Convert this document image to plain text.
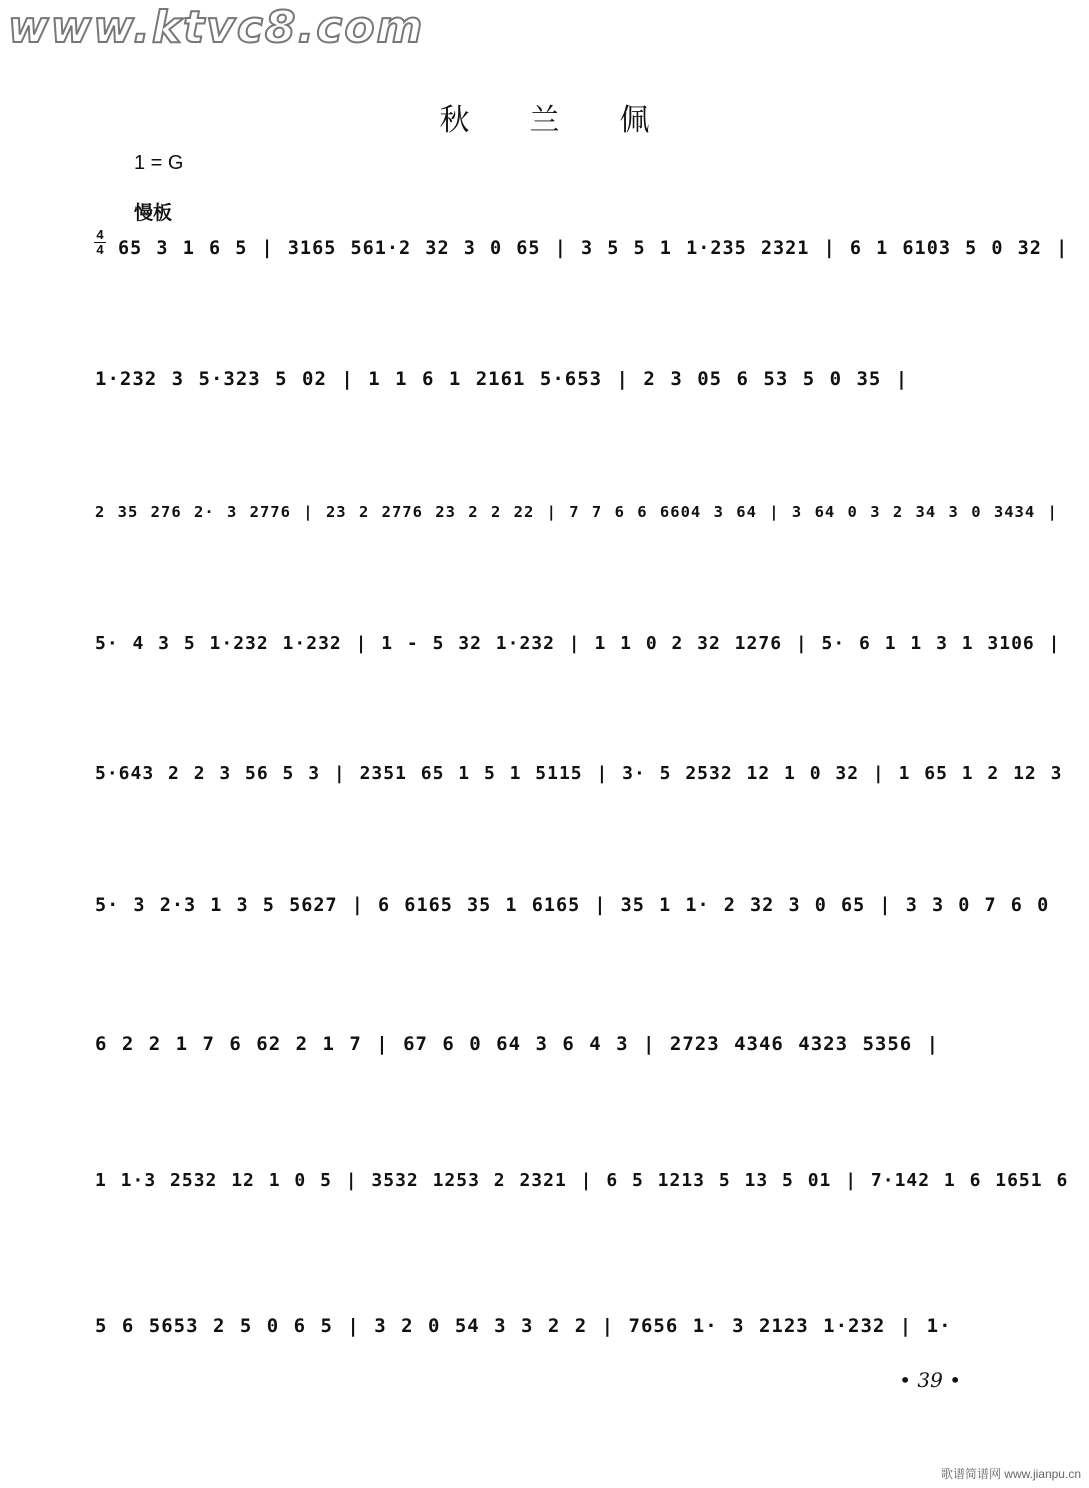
www.ktvc8.com
秋兰佩
1 = G
慢板
4
4 65 3 1 6 5 | 3165 561·2 32 3 0 65 | 3 5 5 1 1·235 2321 | 6 1 6103 5 0 32 |
1·232 3 5·323 5 02 | 1 1 6 1 2161 5·653 | 2 3 05 6 53 5 0 35 |
2 35 276 2· 3 2776 | 23 2 2776 23 2 2 22 | 7 7 6 6 6604 3 64 | 3 64 0 3 2 34 3 0 3434 |
5· 4 3 5 1·232 1·232 | 1 - 5 32 1·232 | 1 1 0 2 32 1276 | 5· 6 1 1 3 1 3106 |
5·643 2 2 3 56 5 3 | 2351 65 1 5 1 5115 | 3· 5 2532 12 1 0 32 | 1 65 1 2 12 3
5· 3 2·3 1 3 5 5627 | 6 6165 35 1 6165 | 35 1 1· 2 32 3 0 65 | 3 3 0 7 6 0
6 2 2 1 7 6 62 2 1 7 | 67 6 0 64 3 6 4 3 | 2723 4346 4323 5356 |
1 1·3 2532 12 1 0 5 | 3532 1253 2 2321 | 6 5 1213 5 13 5 01 | 7·142 1 6 1651 6
5 6 5653 2 5 0 6 5 | 3 2 0 54 3 3 2 2 | 7656 1· 3 2123 1·232 | 1·
• 39 •
歌谱简谱网 www.jianpu.cn
